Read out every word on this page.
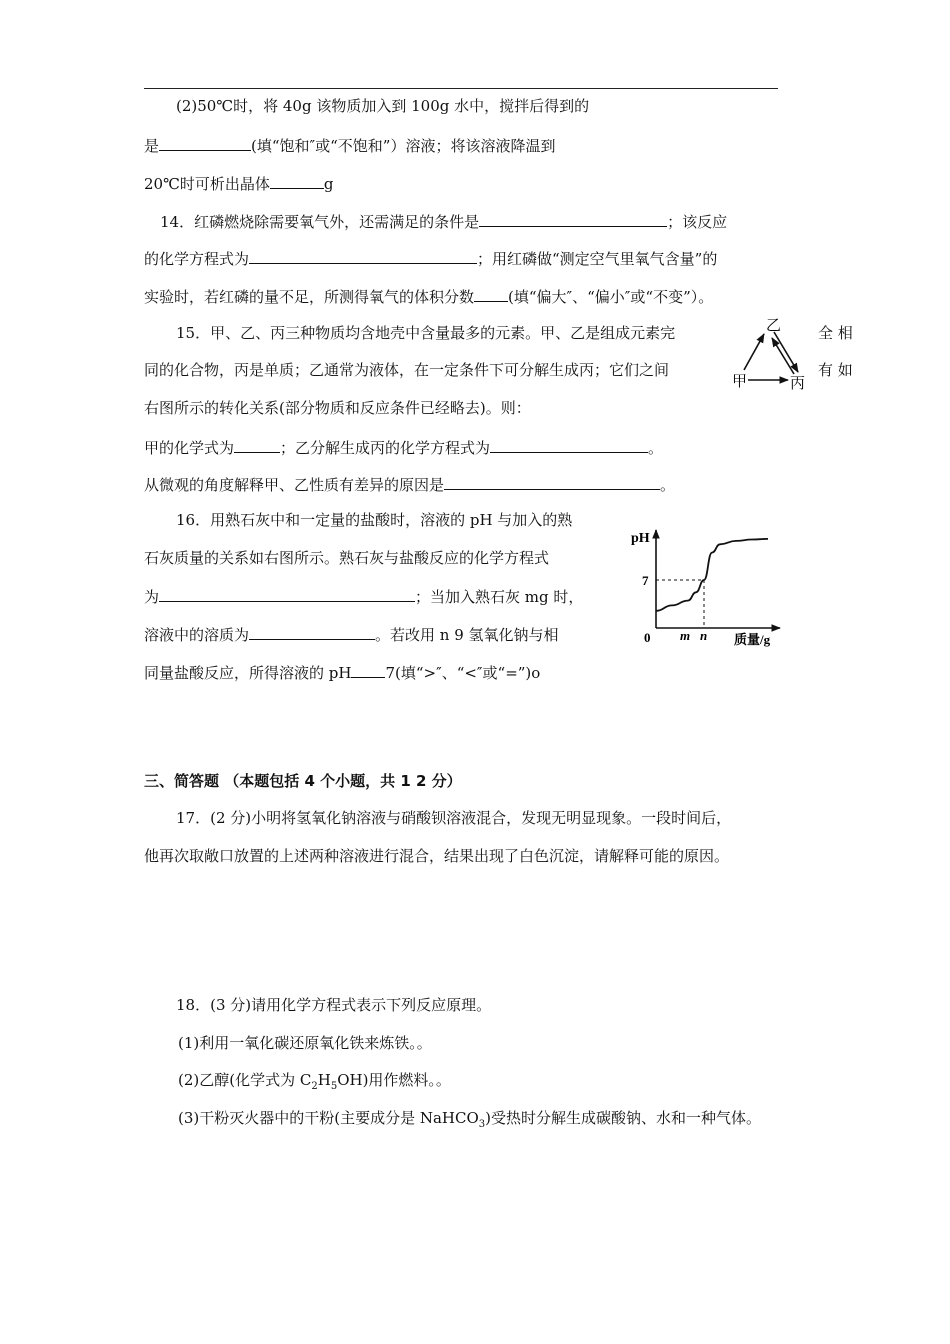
(2)50℃时，将 40g 该物质加入到 100g 水中，搅拌后得到的
是	(填“饱和″或“不饱和”）溶液；将该溶液降温到
20℃时可析出晶体	g
14．红磷燃烧除需要氧气外，还需满足的条件是	；该反应
的化学方程式为	；用红磷做“测定空气里氧气含量”的
实验时，若红磷的量不足，所测得氧气的体积分数 (填“偏大″、“偏小″或“不变”）。
15．甲、乙、丙三种物质均含地壳中含量最多的元素。甲、乙是组成元素完	全 相
同的化合物，丙是单质；乙通常为液体，在一定条件下可分解生成丙；它们之间	有 如
右图所示的转化关系(部分物质和反应条件已经略去)。则：
甲的化学式为	；乙分解生成丙的化学方程式为	。
从微观的角度解释甲、乙性质有差异的原因是	。
乙
甲	丙
16．用熟石灰中和一定量的盐酸时，溶液的 pH 与加入的熟
石灰质量的关系如右图所示。熟石灰与盐酸反应的化学方程式
为	；当加入熟石灰 mg 时，
溶液中的溶质为	。若改用 n 9 氢氧化钠与相
同量盐酸反应，所得溶液的 pH 7(填“>″、“<″或“=”)o
pH
0	质量/g
7
m n
三、简答题 （本题包括 4 个小题，共 1 2 分）
17．(2 分)小明将氢氧化钠溶液与硝酸钡溶液混合，发现无明显现象。一段时间后，
他再次取敞口放置的上述两种溶液进行混合，结果出现了白色沉淀，请解释可能的原因。
18．(3 分)请用化学方程式表示下列反应原理。
(1)利用一氧化碳还原氧化铁来炼铁。。
(2)乙醇(化学式为 $C_2H_5OH$)用作燃料。。
(3)干粉灭火器中的干粉(主要成分是 NaHCO$_3$)受热时分解生成碳酸钠、水和一种气体。
